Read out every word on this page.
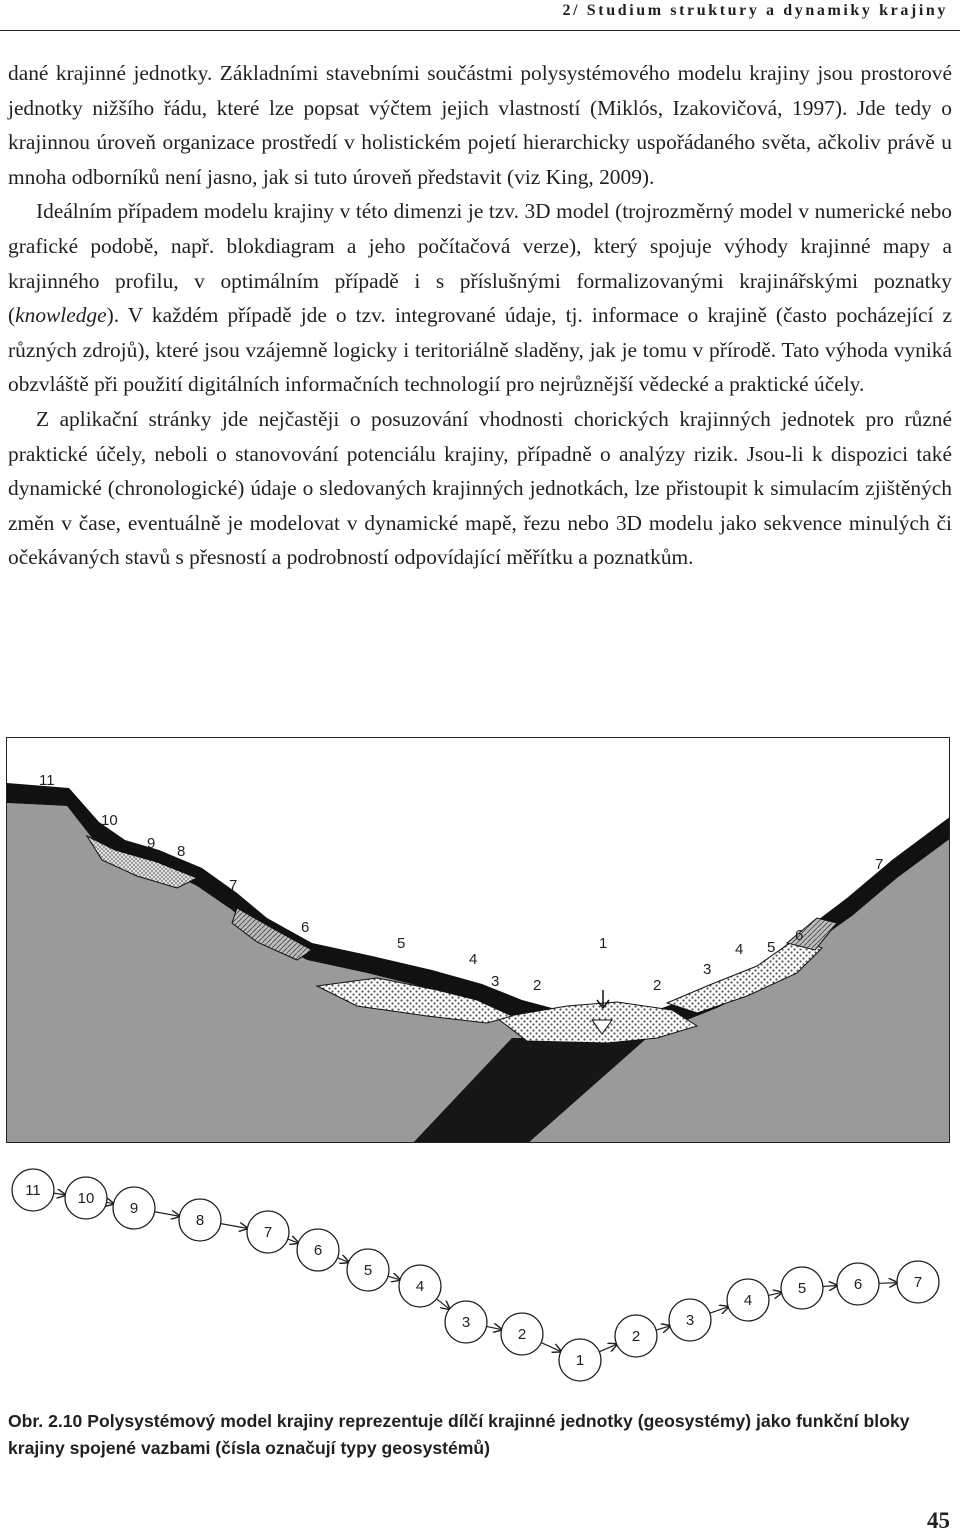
2/ Studium struktury a dynamiky krajiny

dané krajinné jednotky. Základními stavebními součástmi polysystémového modelu krajiny jsou prostorové jednotky nižšího řádu, které lze popsat výčtem jejich vlastností (Miklós, Izakovičová, 1997). Jde tedy o krajinnou úroveň organizace prostředí v holistickém pojetí hierarchicky uspořádaného světa, ačkoliv právě u mnoha odborníků není jasno, jak si tuto úroveň představit (viz King, 2009).

Ideálním případem modelu krajiny v této dimenzi je tzv. 3D model (trojrozměrný model v numerické nebo grafické podobě, např. blokdiagram a jeho počítačová verze), který spojuje výhody krajinné mapy a krajinného profilu, v optimálním případě i s příslušnými formalizovanými krajinářskými poznatky (knowledge). V každém případě jde o tzv. integrované údaje, tj. informace o krajině (často pocházející z různých zdrojů), které jsou vzájemně logicky i teritoriálně sladěny, jak je tomu v přírodě. Tato výhoda vyniká obzvláště při použití digitálních informačních technologií pro nejrůznější vědecké a praktické účely.

Z aplikační stránky jde nejčastěji o posuzování vhodnosti chorických krajinných jednotek pro různé praktické účely, neboli o stanovování potenciálu krajiny, případně o analýzy rizik. Jsou-li k dispozici také dynamické (chronologické) údaje o sledovaných krajinných jednotkách, lze přistoupit k simulacím zjištěných změn v čase, eventuálně je modelovat v dynamické mapě, řezu nebo 3D modelu jako sekvence minulých či očekávaných stavů s přesností a podrobností odpovídající měřítku a poznatkům.

11
10
9 8
7
7
6
5
4
3 2
1
2
3
4 5
6
11 10
9
8
7
6
5
4
3
2
1
2
3
4
5	6	7
Obr. 2.10 Polysystémový model krajiny reprezentuje dílčí krajinné jednotky (geosystémy) jako funkční bloky krajiny spojené vazbami (čísla označují typy geosystémů)
45
